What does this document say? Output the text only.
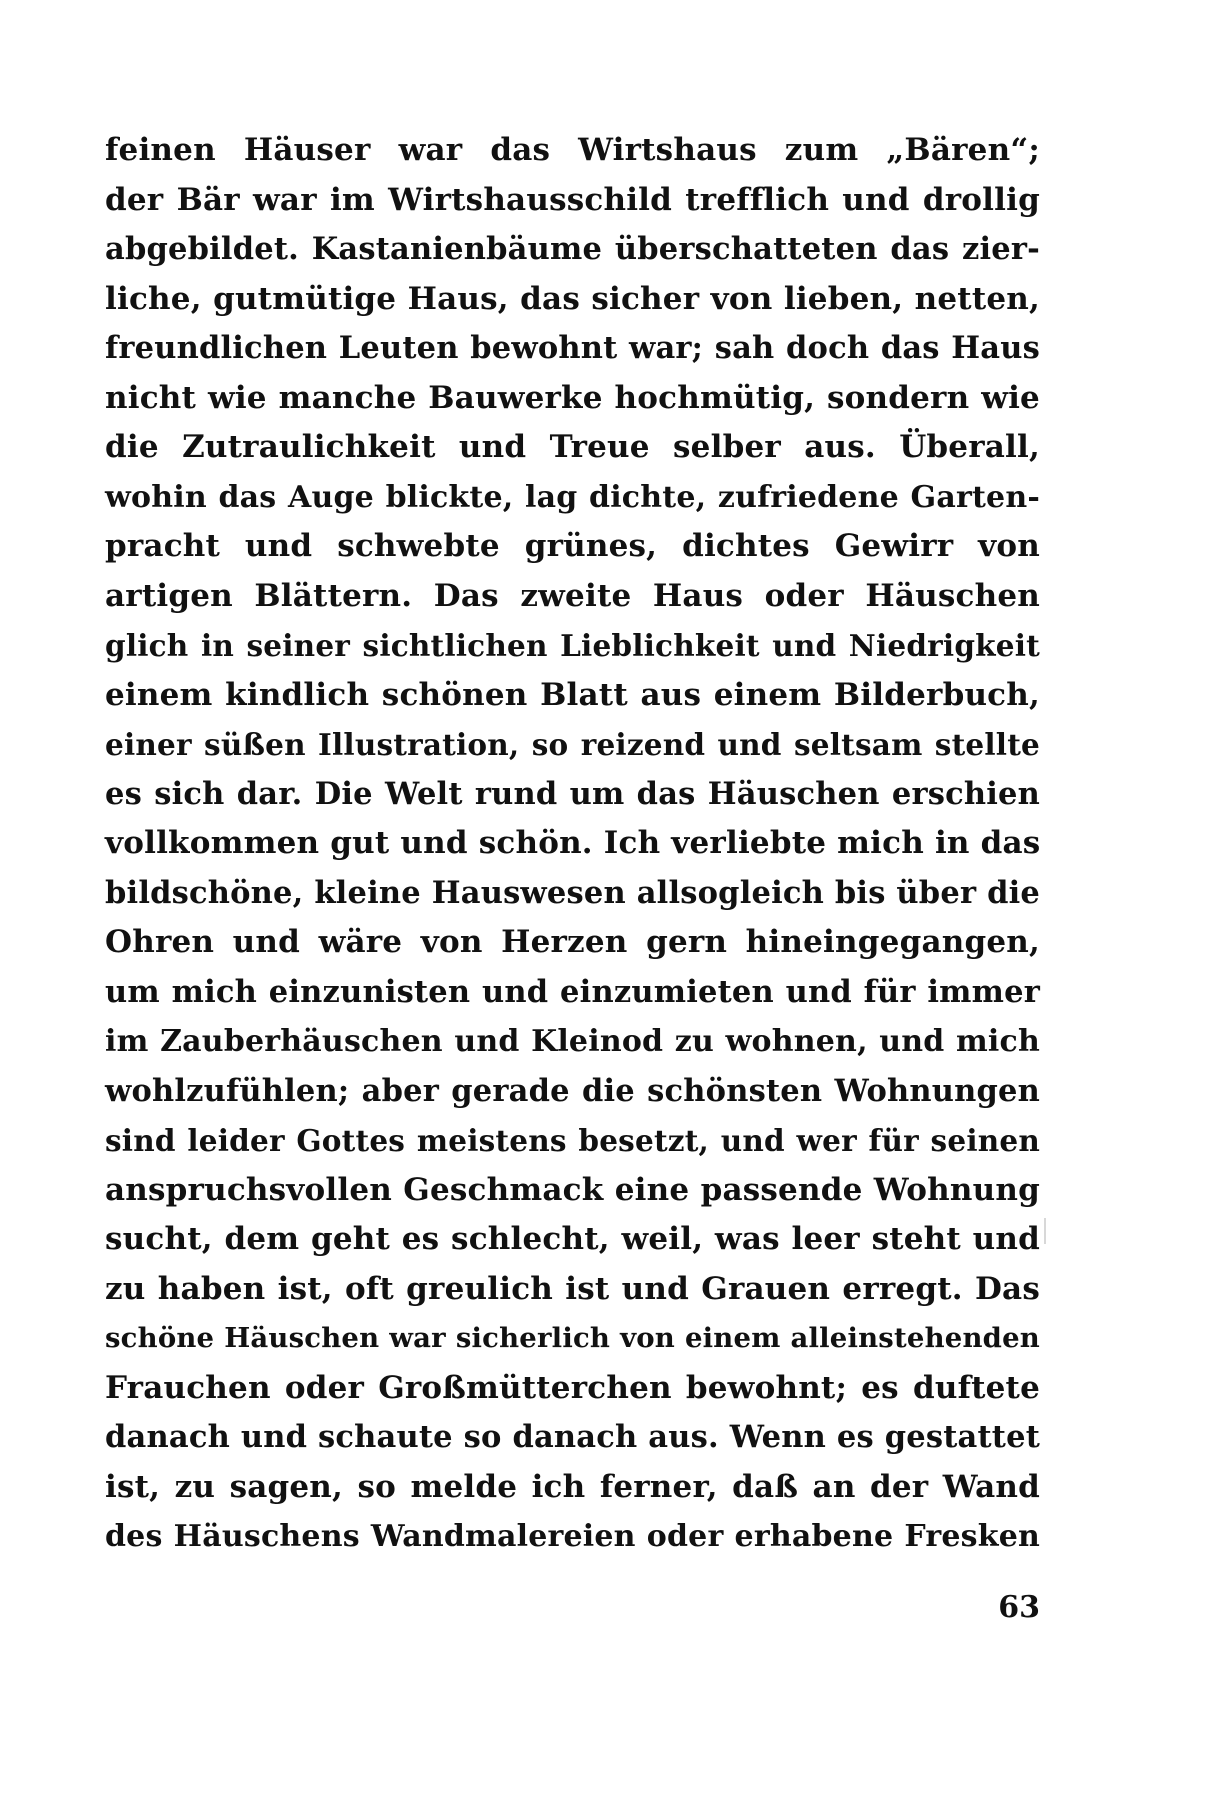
feinen Häuser war das Wirtshaus zum „Bären“;
der Bär war im Wirtshausschild trefflich und drollig
abgebildet. Kastanienbäume überschatteten das zier-
liche, gutmütige Haus, das sicher von lieben, netten,
freundlichen Leuten bewohnt war; sah doch das Haus
nicht wie manche Bauwerke hochmütig, sondern wie
die Zutraulichkeit und Treue selber aus. Überall,
wohin das Auge blickte, lag dichte, zufriedene Garten-
pracht und schwebte grünes, dichtes Gewirr von
artigen Blättern. Das zweite Haus oder Häuschen
glich in seiner sichtlichen Lieblichkeit und Niedrigkeit
einem kindlich schönen Blatt aus einem Bilderbuch,
einer süßen Illustration, so reizend und seltsam stellte
es sich dar. Die Welt rund um das Häuschen erschien
vollkommen gut und schön. Ich verliebte mich in das
bildschöne, kleine Hauswesen allsogleich bis über die
Ohren und wäre von Herzen gern hineingegangen,
um mich einzunisten und einzumieten und für immer
im Zauberhäuschen und Kleinod zu wohnen, und mich
wohlzufühlen; aber gerade die schönsten Wohnungen
sind leider Gottes meistens besetzt, und wer für seinen
anspruchsvollen Geschmack eine passende Wohnung
sucht, dem geht es schlecht, weil, was leer steht und
zu haben ist, oft greulich ist und Grauen erregt. Das
schöne Häuschen war sicherlich von einem alleinstehenden
Frauchen oder Großmütterchen bewohnt; es duftete
danach und schaute so danach aus. Wenn es gestattet
ist, zu sagen, so melde ich ferner, daß an der Wand
des Häuschens Wandmalereien oder erhabene Fresken
63
